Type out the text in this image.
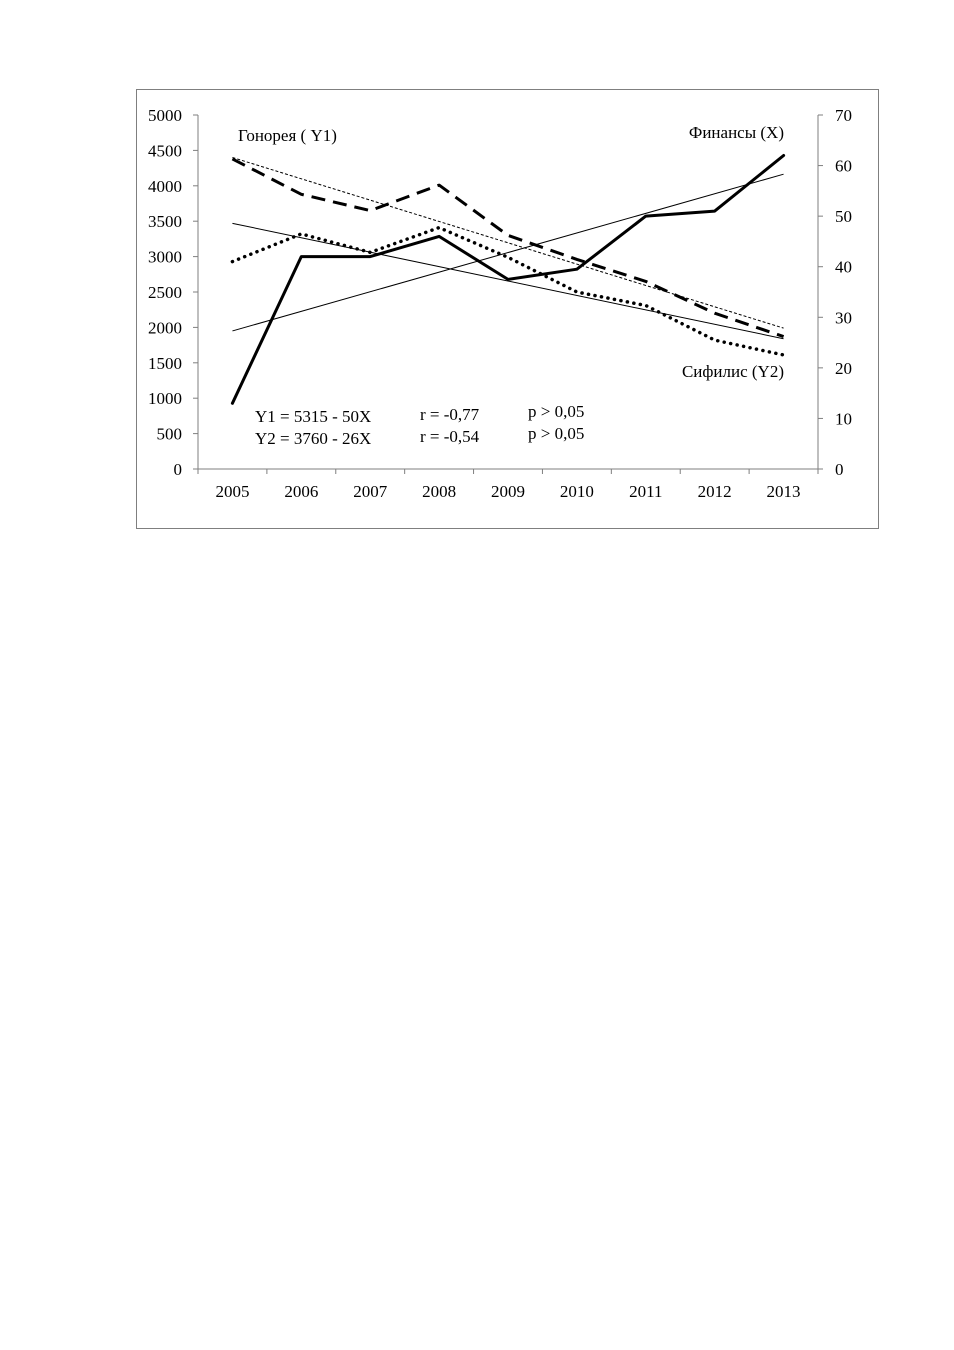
0
500
1000
1500
2000
2500
3000
3500
4000
4500
5000
0
10
20
30
40
50
60
70
2005 2006 2007 2008 2009 2010 2011 2012 2013
Гонорея ( Y1)	Финансы (X)
Сифилис (Y2)
Y1 = 5315 - 50X
Y2 = 3760 - 26X
r = -0,77
r = -0,54
p > 0,05
p > 0,05
